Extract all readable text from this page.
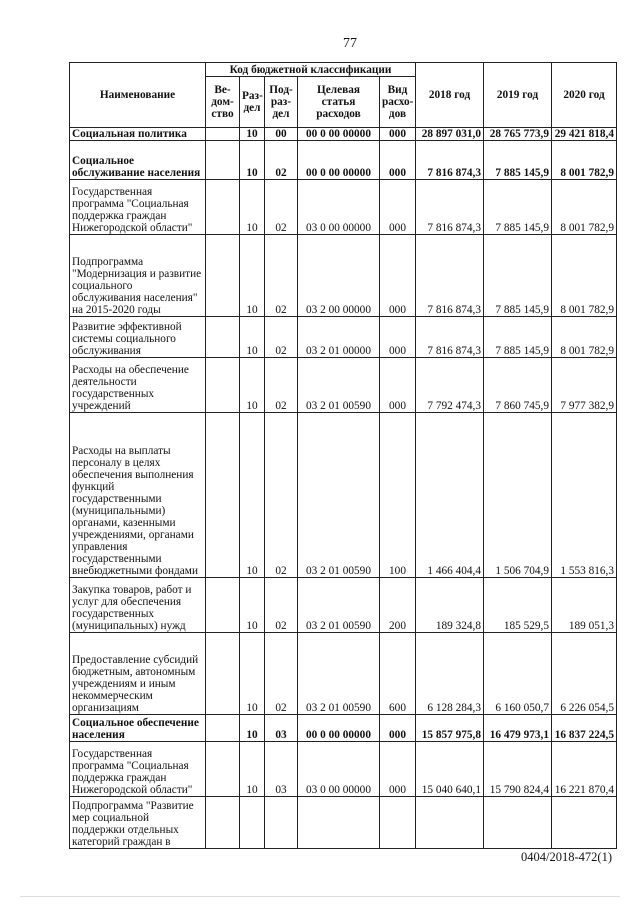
77
Наименование	Код бюджетной классификации					2018 год	2019 год	2020 год
	Ве- дом- ство	Раз- дел	Под- раз- дел	Целевая статья расходов	Вид расхо- дов			
Социальная политика		10	00	00 0 00 00000	000	28 897 031,0	28 765 773,9	29 421 818,4
Социальное обслуживание населения		10	02	00 0 00 00000	000	7 816 874,3	7 885 145,9	8 001 782,9
Государственная программа "Социальная поддержка граждан Нижегородской области"		10	02	03 0 00 00000	000	7 816 874,3	7 885 145,9	8 001 782,9
Подпрограмма "Модернизация и развитие социального обслуживания населения" на 2015-2020 годы		10	02	03 2 00 00000	000	7 816 874,3	7 885 145,9	8 001 782,9
Развитие эффективной системы социального обслуживания		10	02	03 2 01 00000	000	7 816 874,3	7 885 145,9	8 001 782,9
Расходы на обеспечение деятельности государственных учреждений		10	02	03 2 01 00590	000	7 792 474,3	7 860 745,9	7 977 382,9
Расходы на выплаты персоналу в целях обеспечения выполнения функций государственными (муниципальными) органами, казенными учреждениями, органами управления государственными внебюджетными фондами		10	02	03 2 01 00590	100	1 466 404,4	1 506 704,9	1 553 816,3
Закупка товаров, работ и услуг для обеспечения государственных (муниципальных) нужд		10	02	03 2 01 00590	200	189 324,8	185 529,5	189 051,3
Предоставление субсидий бюджетным, автономным учреждениям и иным некоммерческим организациям		10	02	03 2 01 00590	600	6 128 284,3	6 160 050,7	6 226 054,5
Социальное обеспечение населения		10	03	00 0 00 00000	000	15 857 975,8	16 479 973,1	16 837 224,5
Государственная программа "Социальная поддержка граждан Нижегородской области"		10	03	03 0 00 00000	000	15 040 640,1	15 790 824,4	16 221 870,4
Подпрограмма "Развитие мер социальной поддержки отдельных категорий граждан в								
0404/2018-472(1)
